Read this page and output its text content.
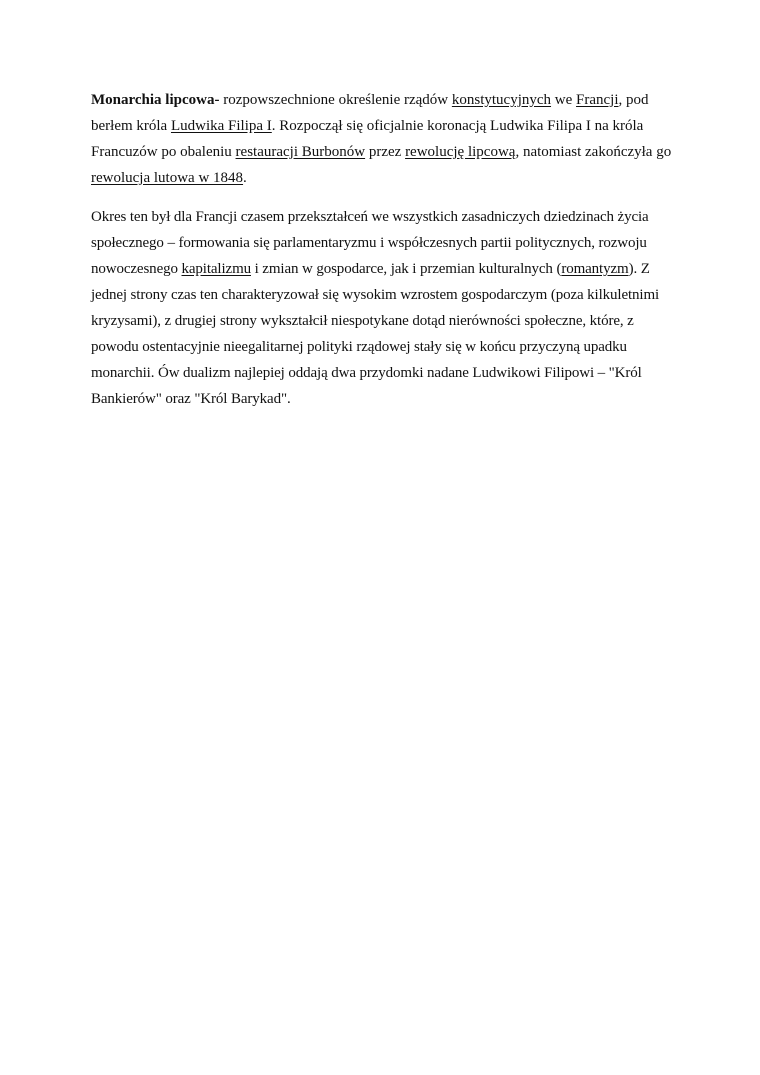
Monarchia lipcowa- rozpowszechnione określenie rządów konstytucyjnych we Francji, pod berłem króla Ludwika Filipa I. Rozpoczął się oficjalnie koronacją Ludwika Filipa I na króla Francuzów po obaleniu restauracji Burbonów przez rewolucję lipcową, natomiast zakończyła go rewolucja lutowa w 1848.

Okres ten był dla Francji czasem przekształceń we wszystkich zasadniczych dziedzinach życia społecznego – formowania się parlamentaryzmu i współczesnych partii politycznych, rozwoju nowoczesnego kapitalizmu i zmian w gospodarce, jak i przemian kulturalnych (romantyzm). Z jednej strony czas ten charakteryzował się wysokim wzrostem gospodarczym (poza kilkuletnimi kryzysami), z drugiej strony wykształcił niespotykane dotąd nierówności społeczne, które, z powodu ostentacyjnie nieegalitarnej polityki rządowej stały się w końcu przyczyną upadku monarchii. Ów dualizm najlepiej oddają dwa przydomki nadane Ludwikowi Filipowi – "Król Bankierów" oraz "Król Barykad".
